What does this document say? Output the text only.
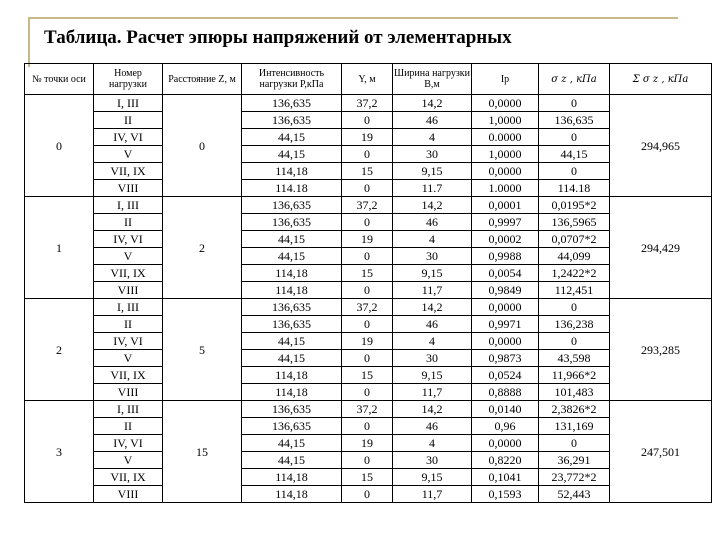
Таблица. Расчет эпюры напряжений от элементарных
№ точки оси	Номер нагрузки	Расстояние Z, м	Интенсивность нагрузки P,кПа	Y, м	Ширина нагрузки B,м	Ip	σ z , кПа	Σ σ z , кПа
0	I, III	0	136,635	37,2	14,2	0,0000	0	294,965
	II		136,635	0	46	1,0000	136,635	
	IV, VI		44,15	19	4	0.0000	0	
	V		44,15	0	30	1,0000	44,15	
	VII, IX		114,18	15	9,15	0,0000	0	
	VIII		114.18	0	11.7	1.0000	114.18	
1	I, III	2	136,635	37,2	14,2	0,0001	0,0195*2	294,429
	II		136,635	0	46	0,9997	136,5965	
	IV, VI		44,15	19	4	0,0002	0,0707*2	
	V		44,15	0	30	0,9988	44,099	
	VII, IX		114,18	15	9,15	0,0054	1,2422*2	
	VIII		114,18	0	11,7	0,9849	112,451	
2	I, III	5	136,635	37,2	14,2	0,0000	0	293,285
	II		136,635	0	46	0,9971	136,238	
	IV, VI		44,15	19	4	0,0000	0	
	V		44,15	0	30	0,9873	43,598	
	VII, IX		114,18	15	9,15	0,0524	11,966*2	
	VIII		114,18	0	11,7	0,8888	101,483	
3	I, III	15	136,635	37,2	14,2	0,0140	2,3826*2	247,501
	II		136,635	0	46	0,96	131,169	
	IV, VI		44,15	19	4	0,0000	0	
	V		44,15	0	30	0,8220	36,291	
	VII, IX		114,18	15	9,15	0,1041	23,772*2	
	VIII		114,18	0	11,7	0,1593	52,443	
